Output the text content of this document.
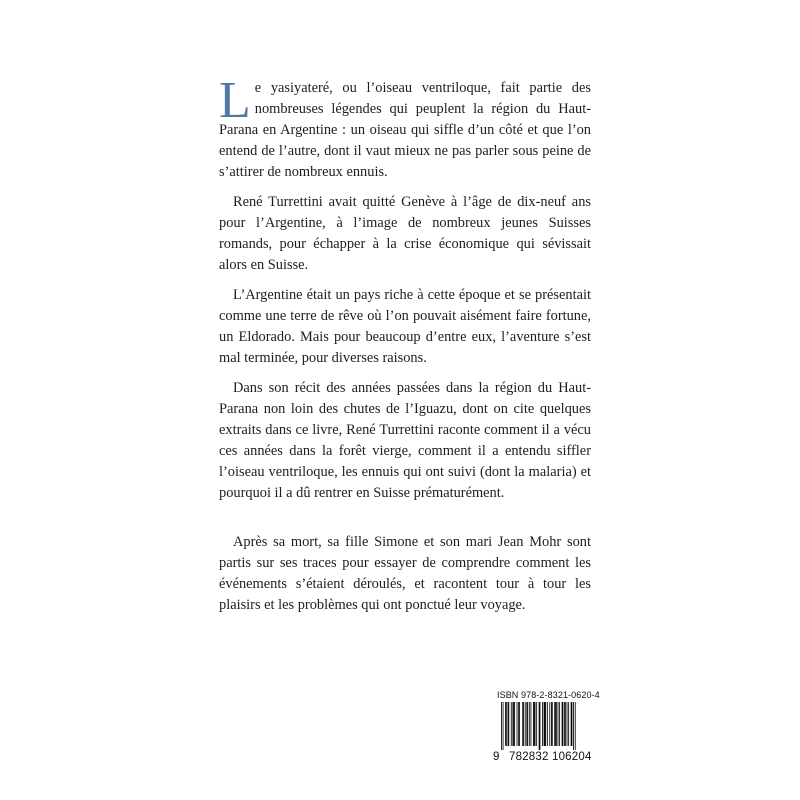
Le yasiyateré, ou l’oiseau ventriloque, fait partie des nombreuses légendes qui peuplent la région du Haut-Parana en Argentine : un oiseau qui siffle d’un côté et que l’on entend de l’autre, dont il vaut mieux ne pas parler sous peine de s’attirer de nombreux ennuis.

René Turrettini avait quitté Genève à l’âge de dix-neuf ans pour l’Argentine, à l’image de nombreux jeunes Suisses romands, pour échapper à la crise économique qui sévissait alors en Suisse.

L’Argentine était un pays riche à cette époque et se présentait comme une terre de rêve où l’on pouvait aisément faire fortune, un Eldorado. Mais pour beaucoup d’entre eux, l’aventure s’est mal terminée, pour diverses raisons.

Dans son récit des années passées dans la région du Haut-Parana non loin des chutes de l’Iguazu, dont on cite quelques extraits dans ce livre, René Turrettini raconte comment il a vécu ces années dans la forêt vierge, comment il a entendu siffler l’oiseau ventriloque, les ennuis qui ont suivi (dont la malaria) et pourquoi il a dû rentrer en Suisse prématurément.

Après sa mort, sa fille Simone et son mari Jean Mohr sont partis sur ses traces pour essayer de comprendre comment les événements s’étaient déroulés, et racontent tour à tour les plaisirs et les problèmes qui ont ponctué leur voyage.

ISBN 978-2-8321-0620-4
9 782832 106204
